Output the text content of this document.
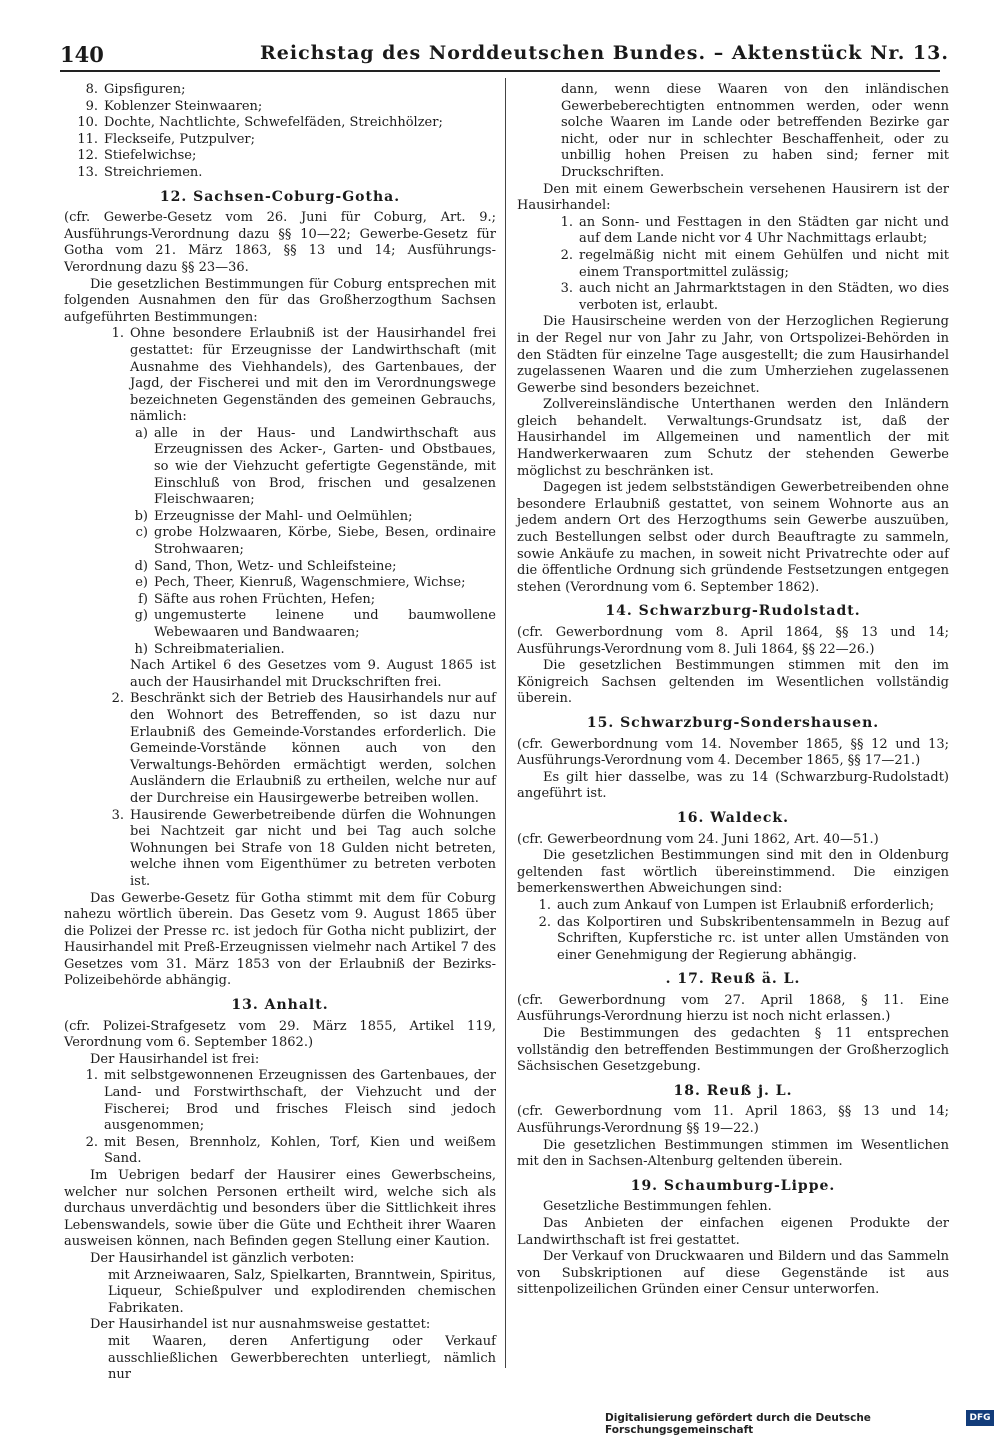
140	Reichstag des Norddeutschen Bundes. – Aktenstück Nr. 13.
8. Gipsfiguren;
9. Koblenzer Steinwaaren;
10. Dochte, Nachtlichte, Schwefelfäden, Streichhölzer;
11. Fleckseife, Putzpulver;
12. Stiefelwichse;
13. Streichriemen.
12. Sachsen-Coburg-Gotha.

(cfr. Gewerbe-Gesetz vom 26. Juni für Coburg, Art. 9.; Ausführungs-Verordnung dazu §§ 10—22; Gewerbe-Gesetz für Gotha vom 21. März 1863, §§ 13 und 14; Ausführungs-Verordnung dazu §§ 23—36.

Die gesetzlichen Bestimmungen für Coburg entsprechen mit folgenden Ausnahmen den für das Großherzogthum Sachsen aufgeführten Bestimmungen:

1. Ohne besondere Erlaubniß ist der Hausirhandel frei gestattet: für Erzeugnisse der Landwirthschaft (mit Ausnahme des Viehhandels), des Gartenbaues, der Jagd, der Fischerei und mit den im Verordnungswege bezeichneten Gegenständen des gemeinen Gebrauchs, nämlich:
a) alle in der Haus- und Landwirthschaft aus Erzeugnissen des Acker-, Garten- und Obstbaues, so wie der Viehzucht gefertigte Gegenstände, mit Einschluß von Brod, frischen und gesalzenen Fleischwaaren;
b) Erzeugnisse der Mahl- und Oelmühlen;
c) grobe Holzwaaren, Körbe, Siebe, Besen, ordinaire Strohwaaren;
d) Sand, Thon, Wetz- und Schleifsteine;
e) Pech, Theer, Kienruß, Wagenschmiere, Wichse;
f) Säfte aus rohen Früchten, Hefen;
g) ungemusterte leinene und baumwollene Webewaaren und Bandwaaren;
h) Schreibmaterialien.

Nach Artikel 6 des Gesetzes vom 9. August 1865 ist auch der Hausirhandel mit Druckschriften frei.

2. Beschränkt sich der Betrieb des Hausirhandels nur auf den Wohnort des Betreffenden, so ist dazu nur Erlaubniß des Gemeinde-Vorstandes erforderlich. Die Gemeinde-Vorstände können auch von den Verwaltungs-Behörden ermächtigt werden, solchen Ausländern die Erlaubniß zu ertheilen, welche nur auf der Durchreise ein Hausirgewerbe betreiben wollen.
3. Hausirende Gewerbetreibende dürfen die Wohnungen bei Nachtzeit gar nicht und bei Tag auch solche Wohnungen bei Strafe von 18 Gulden nicht betreten, welche ihnen vom Eigenthümer zu betreten verboten ist.

Das Gewerbe-Gesetz für Gotha stimmt mit dem für Coburg nahezu wörtlich überein. Das Gesetz vom 9. August 1865 über die Polizei der Presse rc. ist jedoch für Gotha nicht publizirt, der Hausirhandel mit Preß-Erzeugnissen vielmehr nach Artikel 7 des Gesetzes vom 31. März 1853 von der Erlaubniß der Bezirks-Polizeibehörde abhängig.

13. Anhalt.

(cfr. Polizei-Strafgesetz vom 29. März 1855, Artikel 119, Verordnung vom 6. September 1862.)

Der Hausirhandel ist frei:

1. mit selbstgewonnenen Erzeugnissen des Gartenbaues, der Land- und Forstwirthschaft, der Viehzucht und der Fischerei; Brod und frisches Fleisch sind jedoch ausgenommen;
2. mit Besen, Brennholz, Kohlen, Torf, Kien und weißem Sand.

Im Uebrigen bedarf der Hausirer eines Gewerbscheins, welcher nur solchen Personen ertheilt wird, welche sich als durchaus unverdächtig und besonders über die Sittlichkeit ihres Lebenswandels, sowie über die Güte und Echtheit ihrer Waaren ausweisen können, nach Befinden gegen Stellung einer Kaution.

Der Hausirhandel ist gänzlich verboten:

mit Arzneiwaaren, Salz, Spielkarten, Branntwein, Spiritus, Liqueur, Schießpulver und explodirenden chemischen Fabrikaten.

Der Hausirhandel ist nur ausnahmsweise gestattet:

mit Waaren, deren Anfertigung oder Verkauf ausschließlichen Gewerbberechten unterliegt, nämlich nur

dann, wenn diese Waaren von den inländischen Gewerbeberechtigten entnommen werden, oder wenn solche Waaren im Lande oder betreffenden Bezirke gar nicht, oder nur in schlechter Beschaffenheit, oder zu unbillig hohen Preisen zu haben sind; ferner mit Druckschriften.

Den mit einem Gewerbschein versehenen Hausirern ist der Hausirhandel:

1. an Sonn- und Festtagen in den Städten gar nicht und auf dem Lande nicht vor 4 Uhr Nachmittags erlaubt;
2. regelmäßig nicht mit einem Gehülfen und nicht mit einem Transportmittel zulässig;
3. auch nicht an Jahrmarktstagen in den Städten, wo dies verboten ist, erlaubt.

Die Hausirscheine werden von der Herzoglichen Regierung in der Regel nur von Jahr zu Jahr, von Ortspolizei-Behörden in den Städten für einzelne Tage ausgestellt; die zum Hausirhandel zugelassenen Waaren und die zum Umherziehen zugelassenen Gewerbe sind besonders bezeichnet.

Zollvereinsländische Unterthanen werden den Inländern gleich behandelt. Verwaltungs-Grundsatz ist, daß der Hausirhandel im Allgemeinen und namentlich der mit Handwerkerwaaren zum Schutz der stehenden Gewerbe möglichst zu beschränken ist.

Dagegen ist jedem selbstständigen Gewerbetreibenden ohne besondere Erlaubniß gestattet, von seinem Wohnorte aus an jedem andern Ort des Herzogthums sein Gewerbe auszuüben, zuch Bestellungen selbst oder durch Beauftragte zu sammeln, sowie Ankäufe zu machen, in soweit nicht Privatrechte oder auf die öffentliche Ordnung sich gründende Festsetzungen entgegen stehen (Verordnung vom 6. September 1862).

14. Schwarzburg-Rudolstadt.

(cfr. Gewerbordnung vom 8. April 1864, §§ 13 und 14; Ausführungs-Verordnung vom 8. Juli 1864, §§ 22—26.)

Die gesetzlichen Bestimmungen stimmen mit den im Königreich Sachsen geltenden im Wesentlichen vollständig überein.

15. Schwarzburg-Sondershausen.

(cfr. Gewerbordnung vom 14. November 1865, §§ 12 und 13; Ausführungs-Verordnung vom 4. December 1865, §§ 17—21.)

Es gilt hier dasselbe, was zu 14 (Schwarzburg-Rudolstadt) angeführt ist.

16. Waldeck.

(cfr. Gewerbeordnung vom 24. Juni 1862, Art. 40—51.)

Die gesetzlichen Bestimmungen sind mit den in Oldenburg geltenden fast wörtlich übereinstimmend. Die einzigen bemerkenswerthen Abweichungen sind:

1. auch zum Ankauf von Lumpen ist Erlaubniß erforderlich;
2. das Kolportiren und Subskribentensammeln in Bezug auf Schriften, Kupferstiche rc. ist unter allen Umständen von einer Genehmigung der Regierung abhängig.
. 17. Reuß ä. L.

(cfr. Gewerbordnung vom 27. April 1868, § 11. Eine Ausführungs-Verordnung hierzu ist noch nicht erlassen.)

Die Bestimmungen des gedachten § 11 entsprechen vollständig den betreffenden Bestimmungen der Großherzoglich Sächsischen Gesetzgebung.

18. Reuß j. L.

(cfr. Gewerbordnung vom 11. April 1863, §§ 13 und 14; Ausführungs-Verordnung §§ 19—22.)

Die gesetzlichen Bestimmungen stimmen im Wesentlichen mit den in Sachsen-Altenburg geltenden überein.

19. Schaumburg-Lippe.

Gesetzliche Bestimmungen fehlen.

Das Anbieten der einfachen eigenen Produkte der Landwirthschaft ist frei gestattet.

Der Verkauf von Druckwaaren und Bildern und das Sammeln von Subskriptionen auf diese Gegenstände ist aus sittenpolizeilichen Gründen einer Censur unterworfen.

Digitalisierung gefördert durch die Deutsche Forschungsgemeinschaft
DFG
